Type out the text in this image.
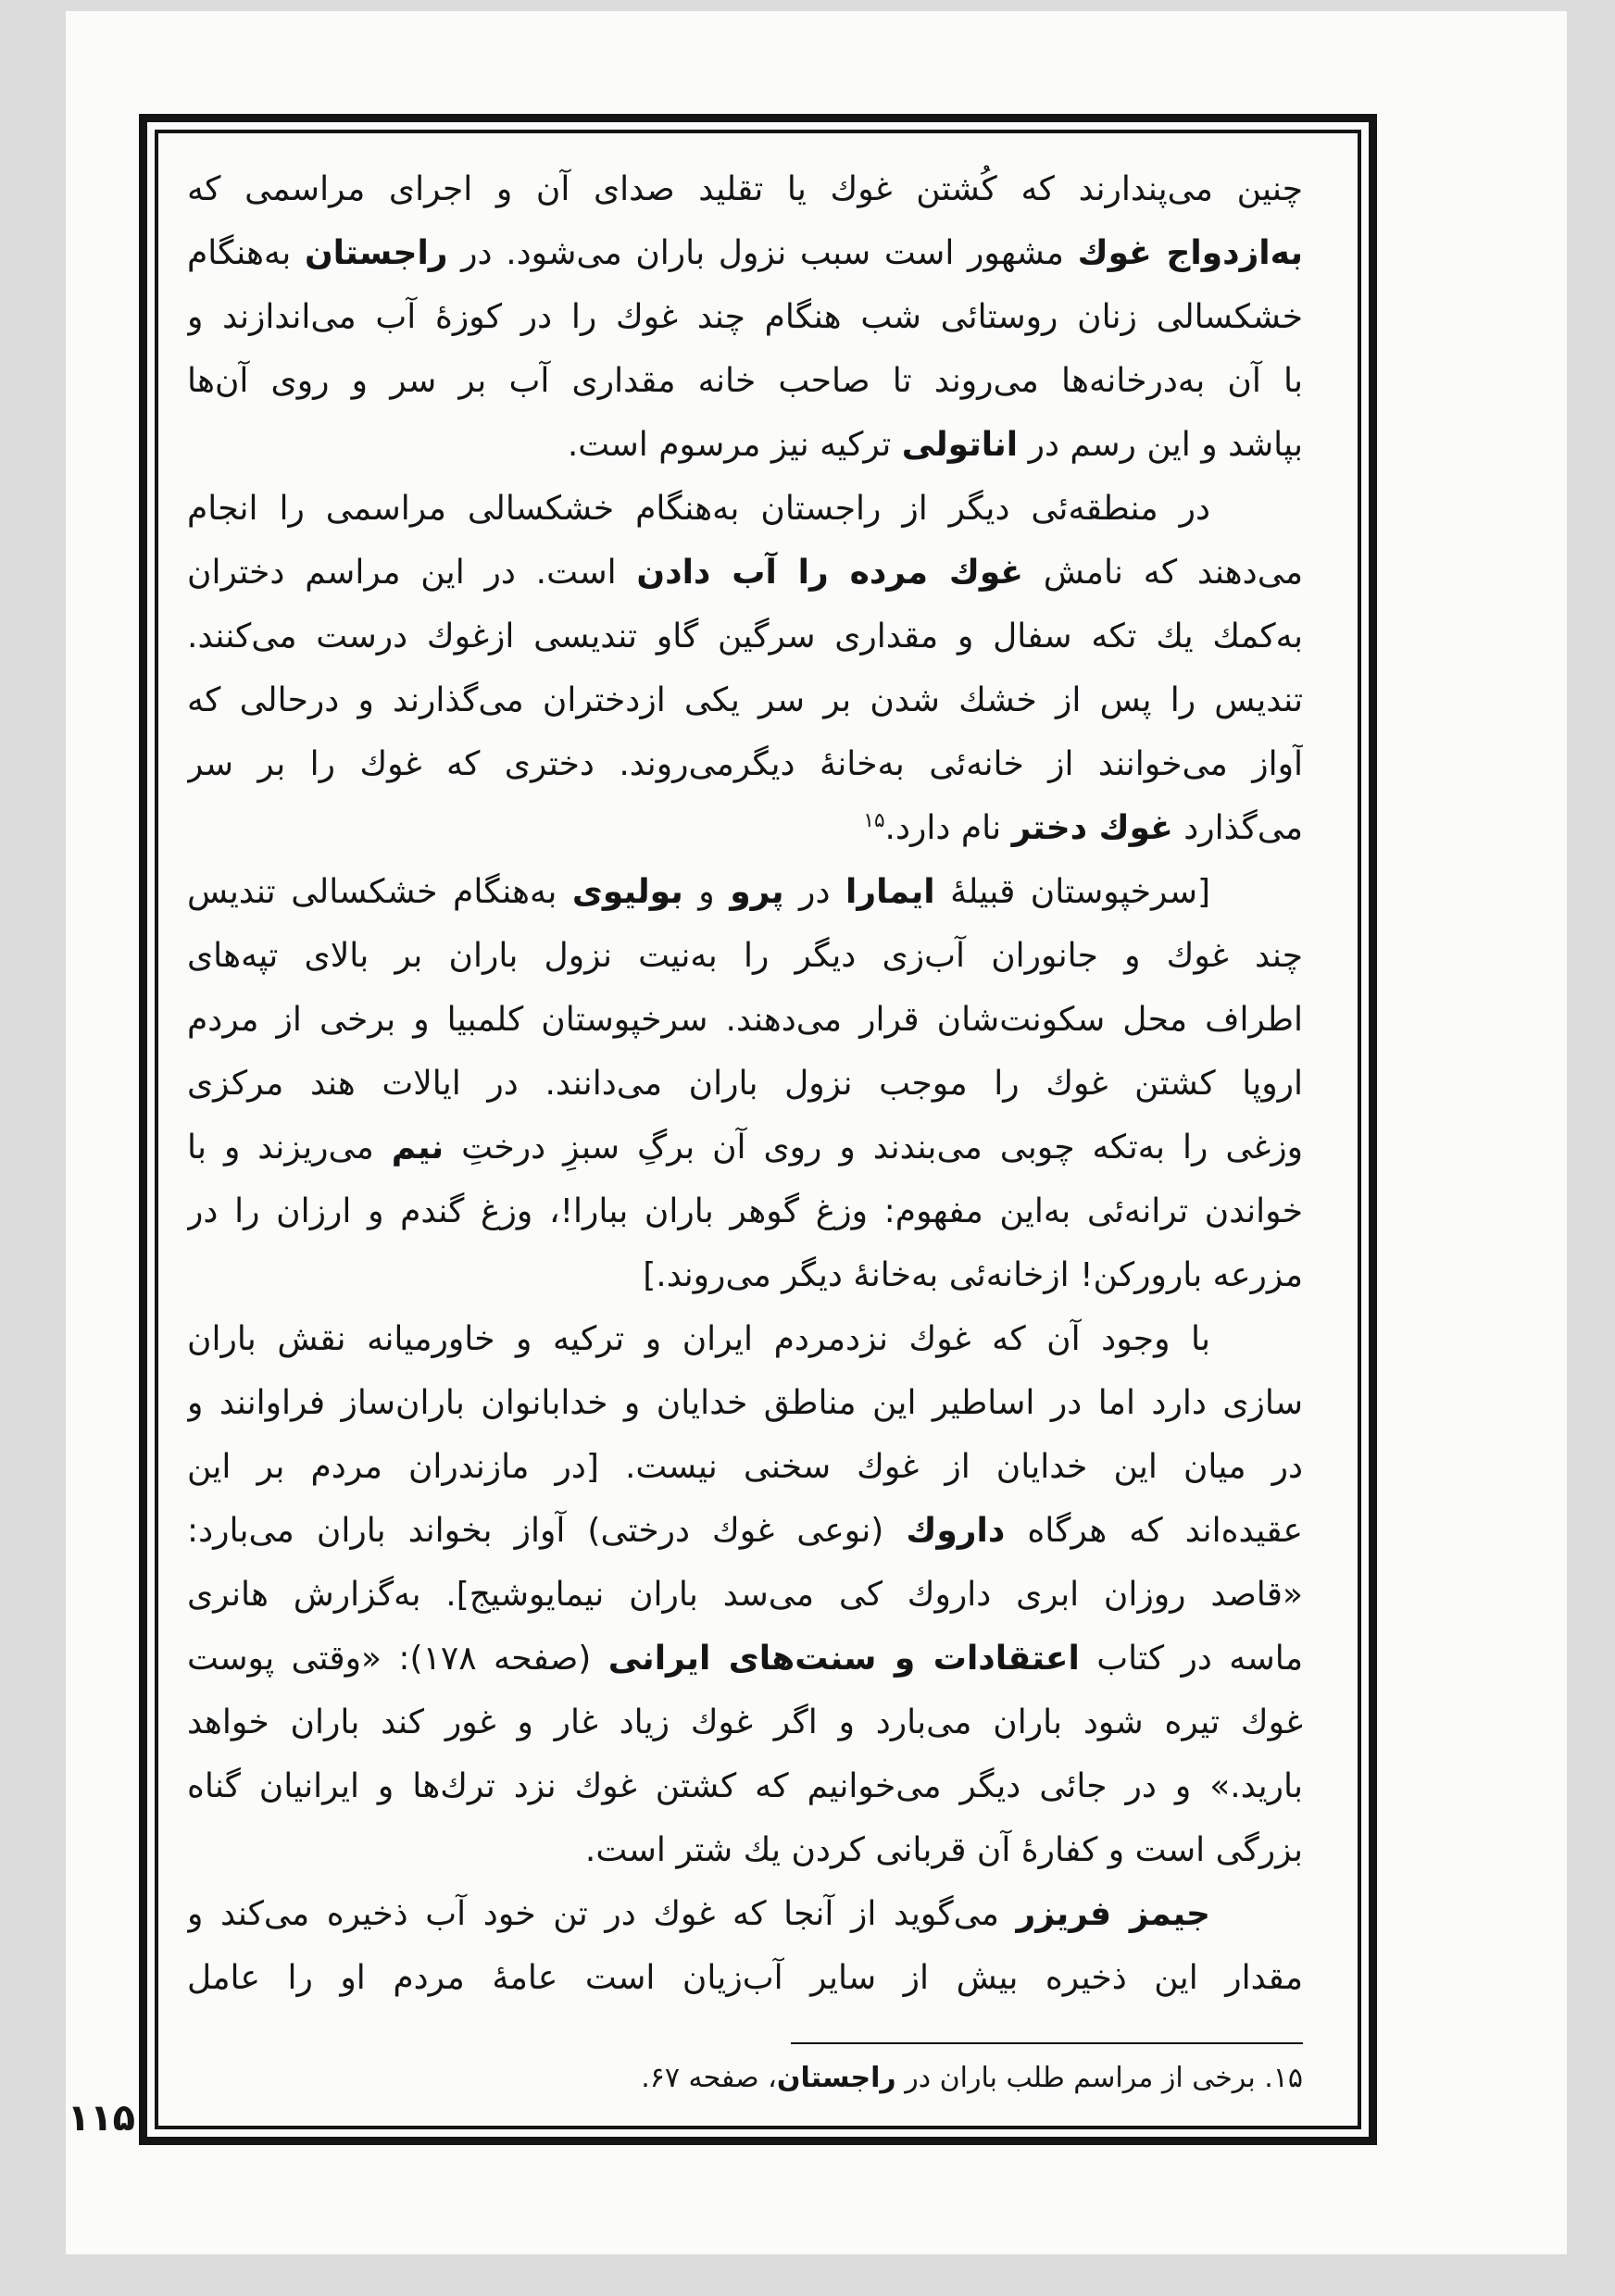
چنین می‌پندارند که کُشتن غوك یا تقلید صدای آن و اجرای مراسمی که
به‌ازدواج غوك مشهور است سبب نزول باران می‌شود. در راجستان به‌هنگام
خشکسالی زنان روستائی شب هنگام چند غوك را در کوزهٔ آب می‌اندازند و
با آن به‌درخانه‌ها می‌روند تا صاحب خانه مقداری آب بر سر و روی آن‌ها
بپاشد و این رسم در اناتولی ترکیه نیز مرسوم است.
در منطقه‌ئی دیگر از راجستان به‌هنگام خشکسالی مراسمی را انجام
می‌دهند که نامش غوك مرده را آب دادن است. در این مراسم دختران
به‌کمك یك تکه سفال و مقداری سرگین گاو تندیسی ازغوك درست می‌کنند.
تندیس را پس از خشك شدن بر سر یکی ازدختران می‌گذارند و درحالی که
آواز می‌خوانند از خانه‌ئی به‌خانهٔ دیگرمی‌روند. دختری که غوك را بر سر
می‌گذارد غوك دختر نام دارد.$^{۱۵}$
[سرخپوستان قبیلهٔ ایمارا در پرو و بولیوی به‌هنگام خشکسالی تندیس
چند غوك و جانوران آب‌زی دیگر را به‌نیت نزول باران بر بالای تپه‌های
اطراف محل سکونت‌شان قرار می‌دهند. سرخپوستان کلمبیا و برخی از مردم
اروپا کشتن غوك را موجب نزول باران می‌دانند. در ایالات هند مرکزی
وزغی را به‌تکه چوبی می‌بندند و روی آن برگِ سبزِ درختِ نیم می‌ریزند و با
خواندن ترانه‌ئی به‌این مفهوم: وزغ گوهر باران ببارا!، وزغ گندم و ارزان را در
مزرعه بارورکن! ازخانه‌ئی به‌خانهٔ دیگر می‌روند.]
با وجود آن که غوك نزدمردم ایران و ترکیه و خاورمیانه نقش باران
سازی دارد اما در اساطیر این مناطق خدایان و خدابانوان باران‌ساز فراوانند و
در میان این خدایان از غوك سخنی نیست. [در مازندران مردم بر این
عقیده‌اند که هرگاه داروك (نوعی غوك درختی) آواز بخواند باران می‌بارد:
«قاصد روزان ابری داروك کی می‌سد باران نیمایوشیج]. به‌گزارش هانری
ماسه در کتاب اعتقادات و سنت‌های ایرانی (صفحه ۱۷۸): «وقتی پوست
غوك تیره شود باران می‌بارد و اگر غوك زیاد غار و غور کند باران خواهد
بارید.» و در جائی دیگر می‌خوانیم که کشتن غوك نزد ترك‌ها و ایرانیان گناه
بزرگی است و کفارهٔ آن قربانی کردن یك شتر است.
جیمز فریزر می‌گوید از آنجا که غوك در تن خود آب ذخیره می‌کند و
مقدار این ذخیره بیش از سایر آب‌زیان است عامهٔ مردم او را عامل
۱۵. برخی از مراسم طلب باران در راجستان، صفحه ۶۷.
۱۱۵
